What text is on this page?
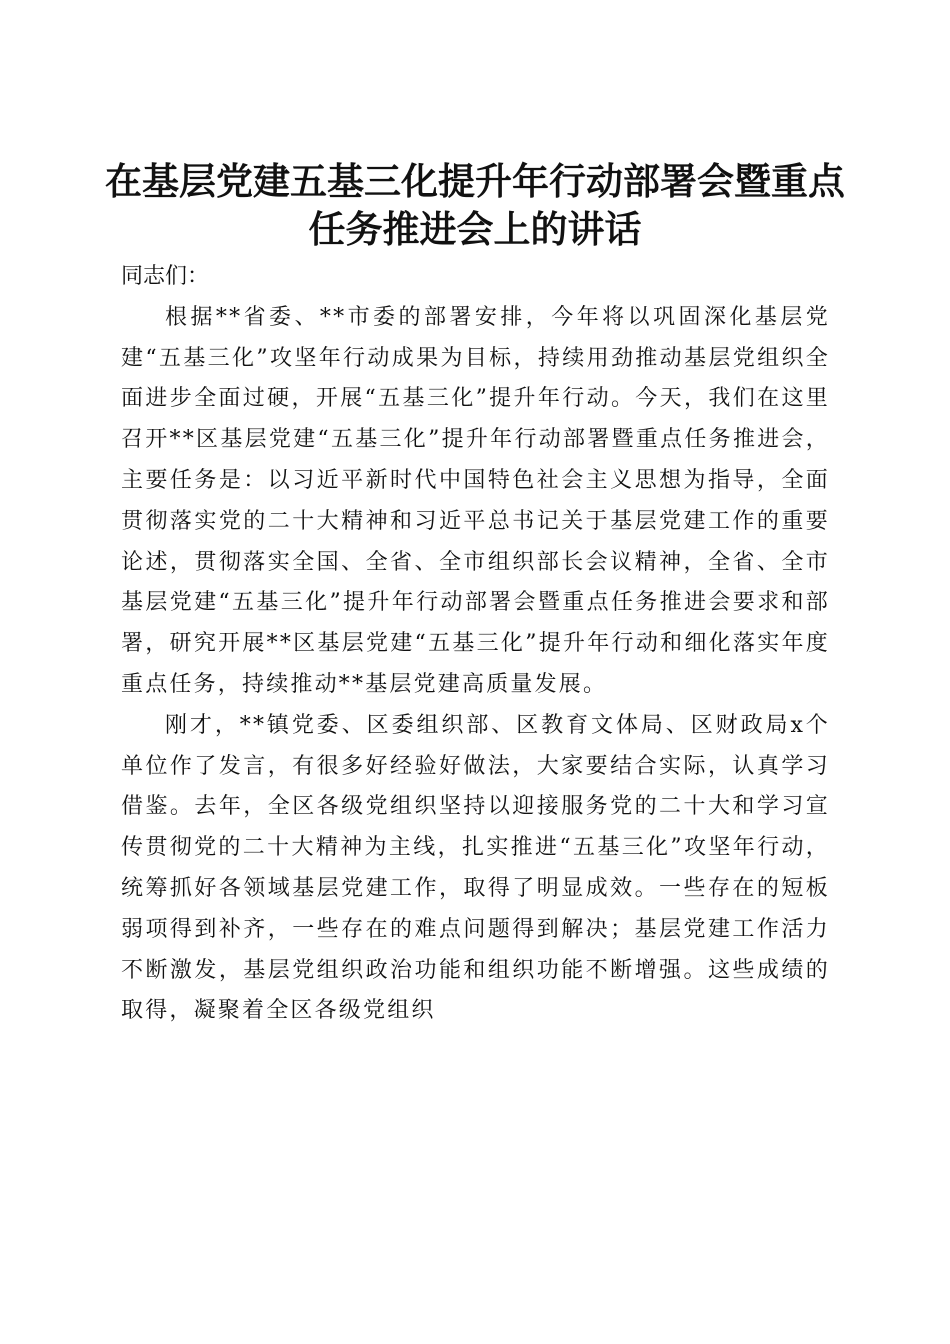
在基层党建五基三化提升年行动部署会暨重点
任务推进会上的讲话

同志们：

根据**省委、**市委的部署安排，今年将以巩固深化基层党建“五基三化”攻坚年行动成果为目标，持续用劲推动基层党组织全面进步全面过硬，开展“五基三化”提升年行动。今天，我们在这里召开**区基层党建“五基三化”提升年行动部署暨重点任务推进会，主要任务是：以习近平新时代中国特色社会主义思想为指导，全面贯彻落实党的二十大精神和习近平总书记关于基层党建工作的重要论述，贯彻落实全国、全省、全市组织部长会议精神，全省、全市基层党建“五基三化”提升年行动部署会暨重点任务推进会要求和部署，研究开展**区基层党建“五基三化”提升年行动和细化落实年度重点任务，持续推动**基层党建高质量发展。

刚才，**镇党委、区委组织部、区教育文体局、区财政局x个单位作了发言，有很多好经验好做法，大家要结合实际，认真学习借鉴。去年，全区各级党组织坚持以迎接服务党的二十大和学习宣传贯彻党的二十大精神为主线，扎实推进“五基三化”攻坚年行动，统筹抓好各领域基层党建工作，取得了明显成效。一些存在的短板弱项得到补齐，一些存在的难点问题得到解决；基层党建工作活力不断激发，基层党组织政治功能和组织功能不断增强。这些成绩的取得，凝聚着全区各级党组织
